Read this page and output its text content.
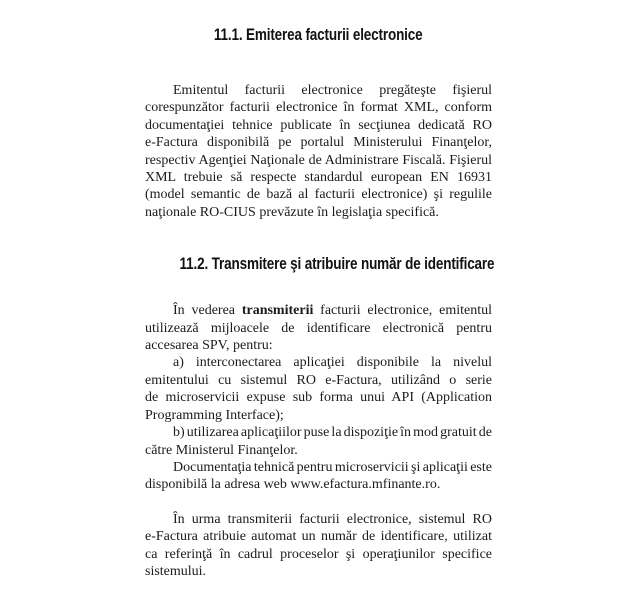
11.1. Emiterea facturii electronice
Emitentul facturii electronice pregăteşte fişierul
corespunzător facturii electronice în format XML, conform
documentaţiei tehnice publicate în secţiunea dedicată RO
e-Factura disponibilă pe portalul Ministerului Finanţelor,
respectiv Agenţiei Naţionale de Administrare Fiscală. Fişierul
XML trebuie să respecte standardul european EN 16931
(model semantic de bază al facturii electronice) şi regulile
naţionale RO-CIUS prevăzute în legislaţia specifică.
11.2. Transmitere şi atribuire număr de identificare
În vederea transmiterii facturii electronice, emitentul
utilizează mijloacele de identificare electronică pentru
accesarea SPV, pentru:
a) interconectarea aplicaţiei disponibile la nivelul
emitentului cu sistemul RO e-Factura, utilizând o serie
de microservicii expuse sub forma unui API (Application
Programming Interface);
b) utilizarea aplicaţiilor puse la dispoziţie în mod gratuit de
către Ministerul Finanţelor.
Documentaţia tehnică pentru microservicii şi aplicaţii este
disponibilă la adresa web www.efactura.mfinante.ro.
În urma transmiterii facturii electronice, sistemul RO
e-Factura atribuie automat un număr de identificare, utilizat
ca referinţă în cadrul proceselor şi operaţiunilor specifice
sistemului.
